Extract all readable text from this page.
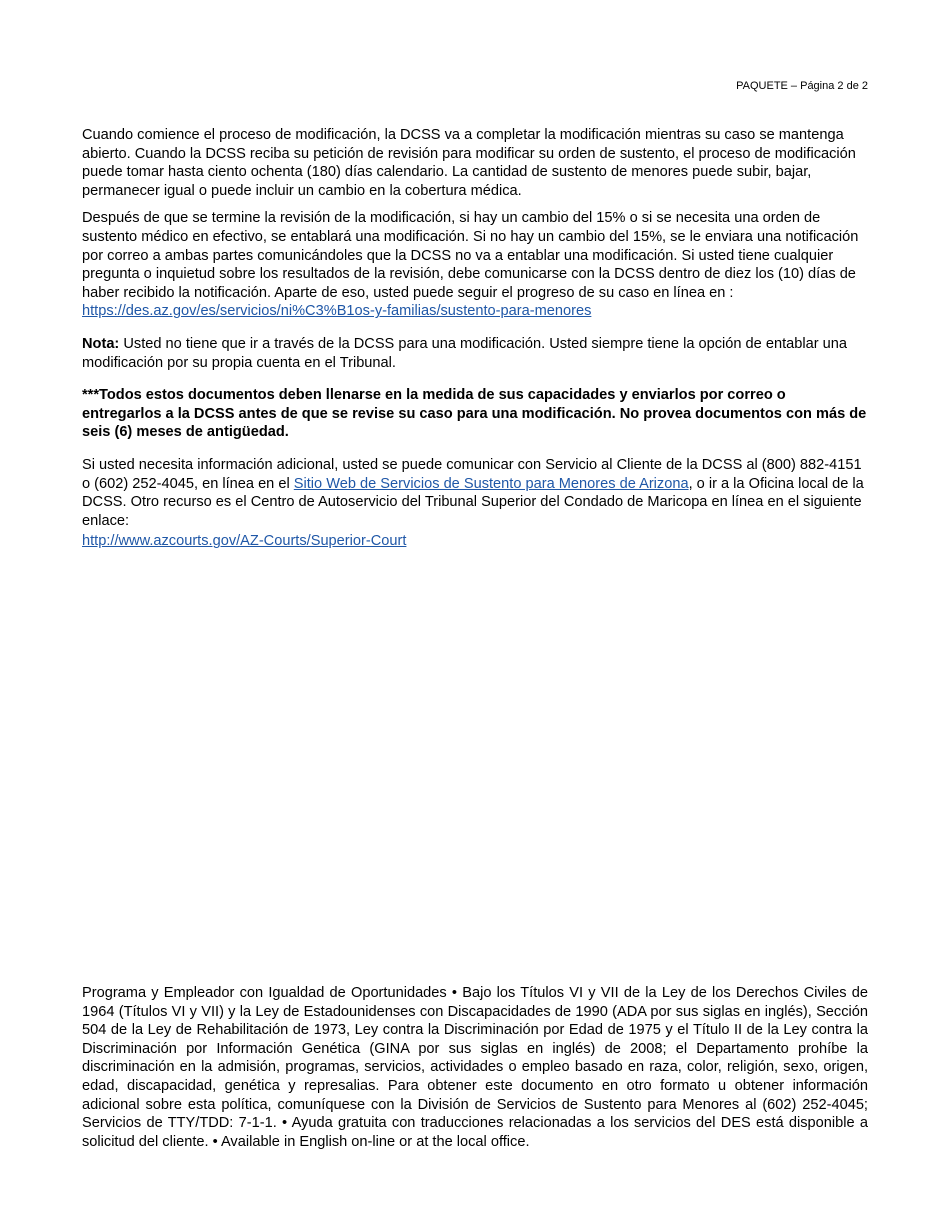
PAQUETE – Página 2 de 2

Cuando comience el proceso de modificación, la DCSS va a completar la modificación mientras su caso se mantenga abierto. Cuando la DCSS reciba su petición de revisión para modificar su orden de sustento, el proceso de modificación puede tomar hasta ciento ochenta (180) días calendario. La cantidad de sustento de menores puede subir, bajar, permanecer igual o puede incluir un cambio en la cobertura médica.

Después de que se termine la revisión de la modificación, si hay un cambio del 15% o si se necesita una orden de sustento médico en efectivo, se entablará una modificación. Si no hay un cambio del 15%, se le enviara una notificación por correo a ambas partes comunicándoles que la DCSS no va a entablar una modificación. Si usted tiene cualquier pregunta o inquietud sobre los resultados de la revisión, debe comunicarse con la DCSS dentro de diez los (10) días de haber recibido la notificación. Aparte de eso, usted puede seguir el progreso de su caso en línea en :
https://des.az.gov/es/servicios/ni%C3%B1os-y-familias/sustento-para-menores

Nota: Usted no tiene que ir a través de la DCSS para una modificación. Usted siempre tiene la opción de entablar una modificación por su propia cuenta en el Tribunal.

***Todos estos documentos deben llenarse en la medida de sus capacidades y enviarlos por correo o entregarlos a la DCSS antes de que se revise su caso para una modificación. No provea documentos con más de seis (6) meses de antigüedad.

Si usted necesita información adicional, usted se puede comunicar con Servicio al Cliente de la DCSS al (800) 882-4151 o (602) 252-4045, en línea en el Sitio Web de Servicios de Sustento para Menores de Arizona, o ir a la Oficina local de la DCSS. Otro recurso es el Centro de Autoservicio del Tribunal Superior del Condado de Maricopa en línea en el siguiente enlace:

http://www.azcourts.gov/AZ-Courts/Superior-Court

Programa y Empleador con Igualdad de Oportunidades • Bajo los Títulos VI y VII de la Ley de los Derechos Civiles de 1964 (Títulos VI y VII) y la Ley de Estadounidenses con Discapacidades de 1990 (ADA por sus siglas en inglés), Sección 504 de la Ley de Rehabilitación de 1973, Ley contra la Discriminación por Edad de 1975 y el Título II de la Ley contra la Discriminación por Información Genética (GINA por sus siglas en inglés) de 2008; el Departamento prohíbe la discriminación en la admisión, programas, servicios, actividades o empleo basado en raza, color, religión, sexo, origen, edad, discapacidad, genética y represalias. Para obtener este documento en otro formato u obtener información adicional sobre esta política, comuníquese con la División de Servicios de Sustento para Menores al (602) 252-4045; Servicios de TTY/TDD: 7-1-1. • Ayuda gratuita con traducciones relacionadas a los servicios del DES está disponible a solicitud del cliente. • Available in English on-line or at the local office.
